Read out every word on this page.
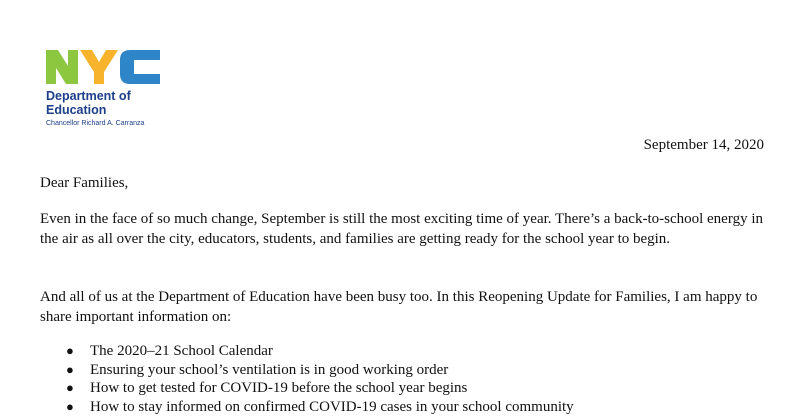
Department of
Education
Chancellor Richard A. Carranza
September 14, 2020
Dear Families,

Even in the face of so much change, September is still the most exciting time of year. There’s a back-to-school energy in the air as all over the city, educators, students, and families are getting ready for the school year to begin.

And all of us at the Department of Education have been busy too. In this Reopening Update for Families, I am happy to share important information on:

● The 2020–21 School Calendar
● Ensuring your school’s ventilation is in good working order
● How to get tested for COVID-19 before the school year begins
● How to stay informed on confirmed COVID-19 cases in your school community
